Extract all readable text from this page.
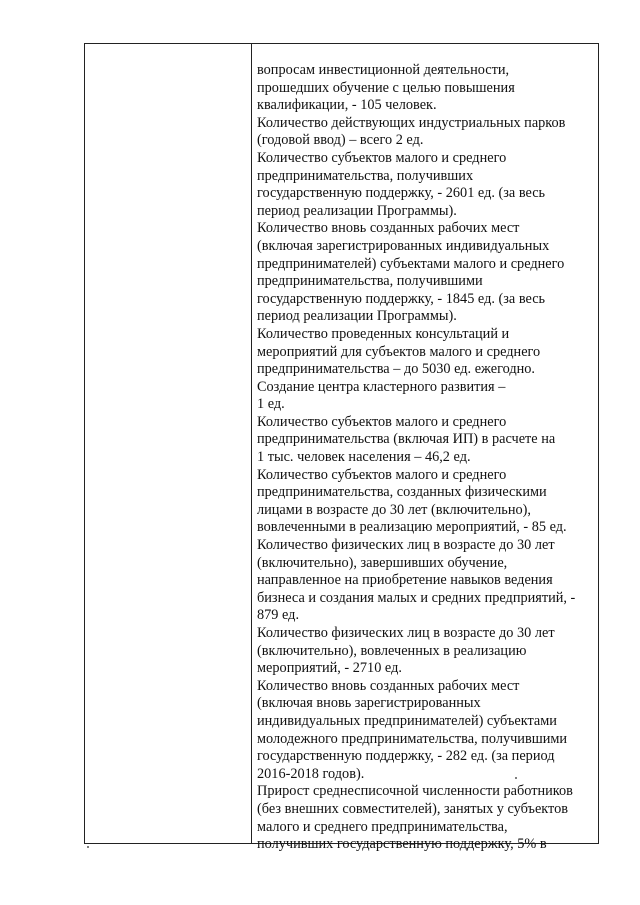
вопросам инвестиционной деятельности,
прошедших обучение с целью повышения
квалификации, - 105 человек.

Количество действующих индустриальных парков
(годовой ввод) – всего 2 ед.

Количество субъектов малого и среднего
предпринимательства, получивших
государственную поддержку, - 2601 ед. (за весь
период реализации Программы).

Количество вновь созданных рабочих мест
(включая зарегистрированных индивидуальных
предпринимателей) субъектами малого и среднего
предпринимательства, получившими
государственную поддержку, - 1845 ед. (за весь
период реализации Программы).

Количество проведенных консультаций и
мероприятий для субъектов малого и среднего
предпринимательства – до 5030 ед. ежегодно.

Создание центра кластерного развития –
1 ед.

Количество субъектов малого и среднего
предпринимательства (включая ИП) в расчете на
1 тыс. человек населения – 46,2 ед.

Количество субъектов малого и среднего
предпринимательства, созданных физическими
лицами в возрасте до 30 лет (включительно),
вовлеченными в реализацию мероприятий, - 85 ед.

Количество физических лиц в возрасте до 30 лет
(включительно), завершивших обучение,
направленное на приобретение навыков ведения
бизнеса и создания малых и средних предприятий, -
879 ед.

Количество физических лиц в возрасте до 30 лет
(включительно), вовлеченных в реализацию
мероприятий, - 2710 ед.

Количество вновь созданных рабочих мест
(включая вновь зарегистрированных
индивидуальных предпринимателей) субъектами
молодежного предпринимательства, получившими
государственную поддержку, - 282 ед. (за период
2016-2018 годов).

Прирост среднесписочной численности работников
(без внешних совместителей), занятых у субъектов
малого и среднего предпринимательства,
получивших государственную поддержку, 5% в
